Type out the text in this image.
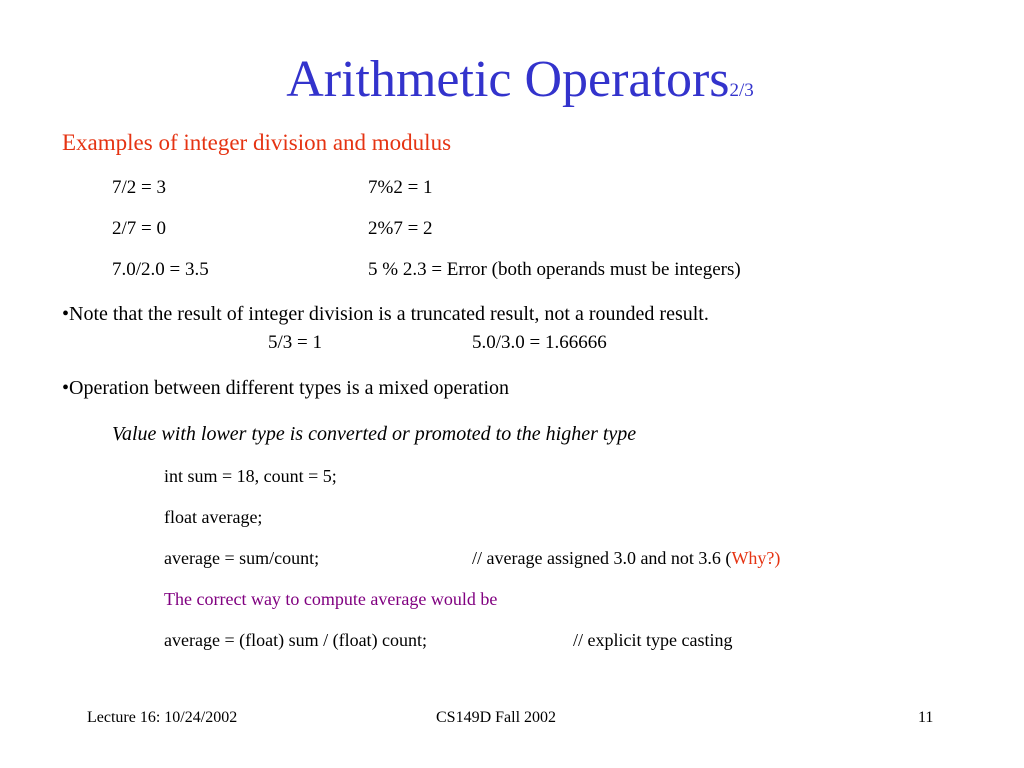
Arithmetic Operators2/3
Examples of integer division and modulus
7/2 = 3	7%2 = 1
2/7 = 0	2%7 = 2
7.0/2.0 = 3.5	5 % 2.3 = Error (both operands must be integers)
•Note that the result of integer division is a truncated result, not a rounded result.
5/3 = 1	5.0/3.0 = 1.66666
•Operation between different types is a mixed operation
Value with lower type is converted or promoted to the higher type
int sum = 18, count = 5;
float average;
average = sum/count;	// average assigned 3.0 and not 3.6 (Why?)
The correct way to compute average would be
average = (float) sum / (float) count;	// explicit type casting
Lecture 16: 10/24/2002	CS149D Fall 2002	11
